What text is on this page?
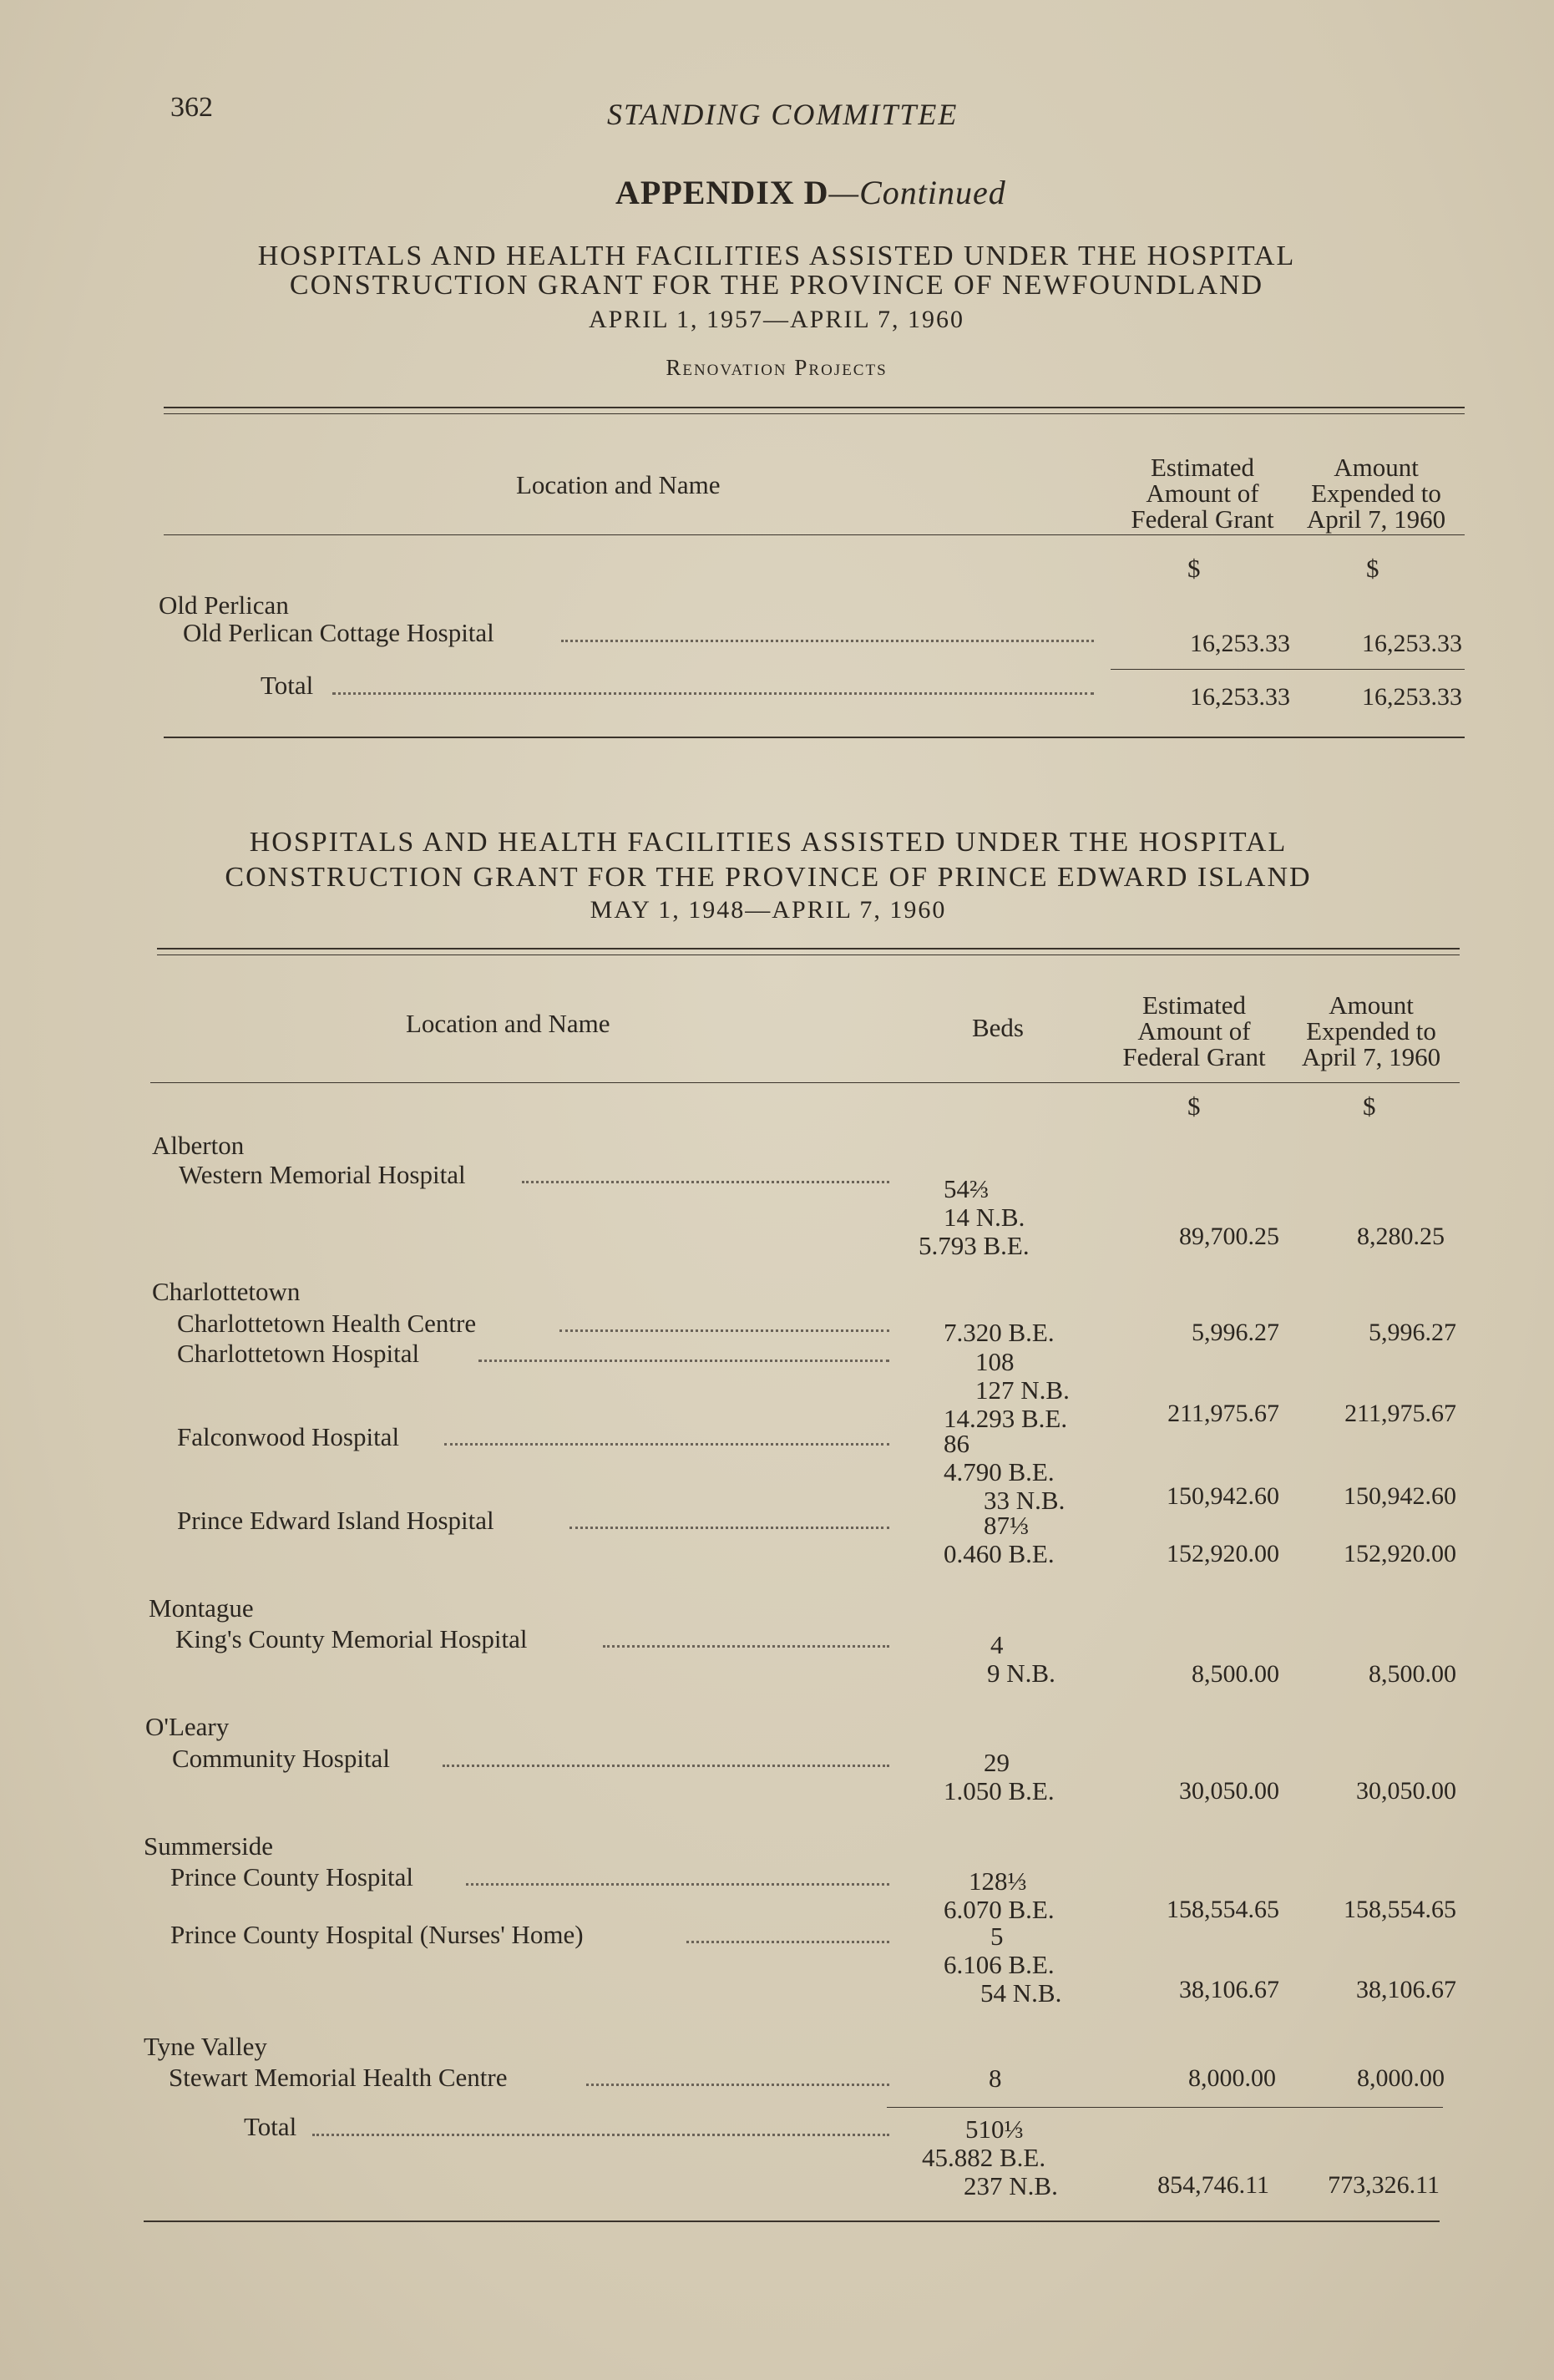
362	STANDING COMMITTEE
APPENDIX D—Continued
HOSPITALS AND HEALTH FACILITIES ASSISTED UNDER THE HOSPITAL
CONSTRUCTION GRANT FOR THE PROVINCE OF NEWFOUNDLAND
APRIL 1, 1957—APRIL 7, 1960
Renovation Projects
Location and Name
Estimated
Amount of
Federal Grant
Amount
Expended to
April 7, 1960
$	$
Old Perlican
Old Perlican Cottage Hospital	16,253.33	16,253.33
Total	16,253.33	16,253.33
HOSPITALS AND HEALTH FACILITIES ASSISTED UNDER THE HOSPITAL
CONSTRUCTION GRANT FOR THE PROVINCE OF PRINCE EDWARD ISLAND
MAY 1, 1948—APRIL 7, 1960
Location and Name	Beds
Estimated
Amount of
Federal Grant
Amount
Expended to
April 7, 1960
$	$
Alberton
Western Memorial Hospital	54⅔
14 N.B.
5.793 B.E.	89,700.25	8,280.25
Charlottetown
Charlottetown Health Centre	7.320 B.E.	5,996.27	5,996.27
Charlottetown Hospital	108
127 N.B.
14.293 B.E.	211,975.67	211,975.67
Falconwood Hospital	86
4.790 B.E.
33 N.B.	150,942.60	150,942.60
Prince Edward Island Hospital	87⅓
0.460 B.E.	152,920.00	152,920.00
Montague
King's County Memorial Hospital	4
9 N.B.	8,500.00	8,500.00
O'Leary
Community Hospital	29
1.050 B.E.	30,050.00	30,050.00
Summerside
Prince County Hospital	128⅓
6.070 B.E.	158,554.65	158,554.65
Prince County Hospital (Nurses' Home)	5
6.106 B.E.
54 N.B.	38,106.67	38,106.67
Tyne Valley
Stewart Memorial Health Centre	8	8,000.00	8,000.00
Total	510⅓
45.882 B.E.
237 N.B.	854,746.11	773,326.11
